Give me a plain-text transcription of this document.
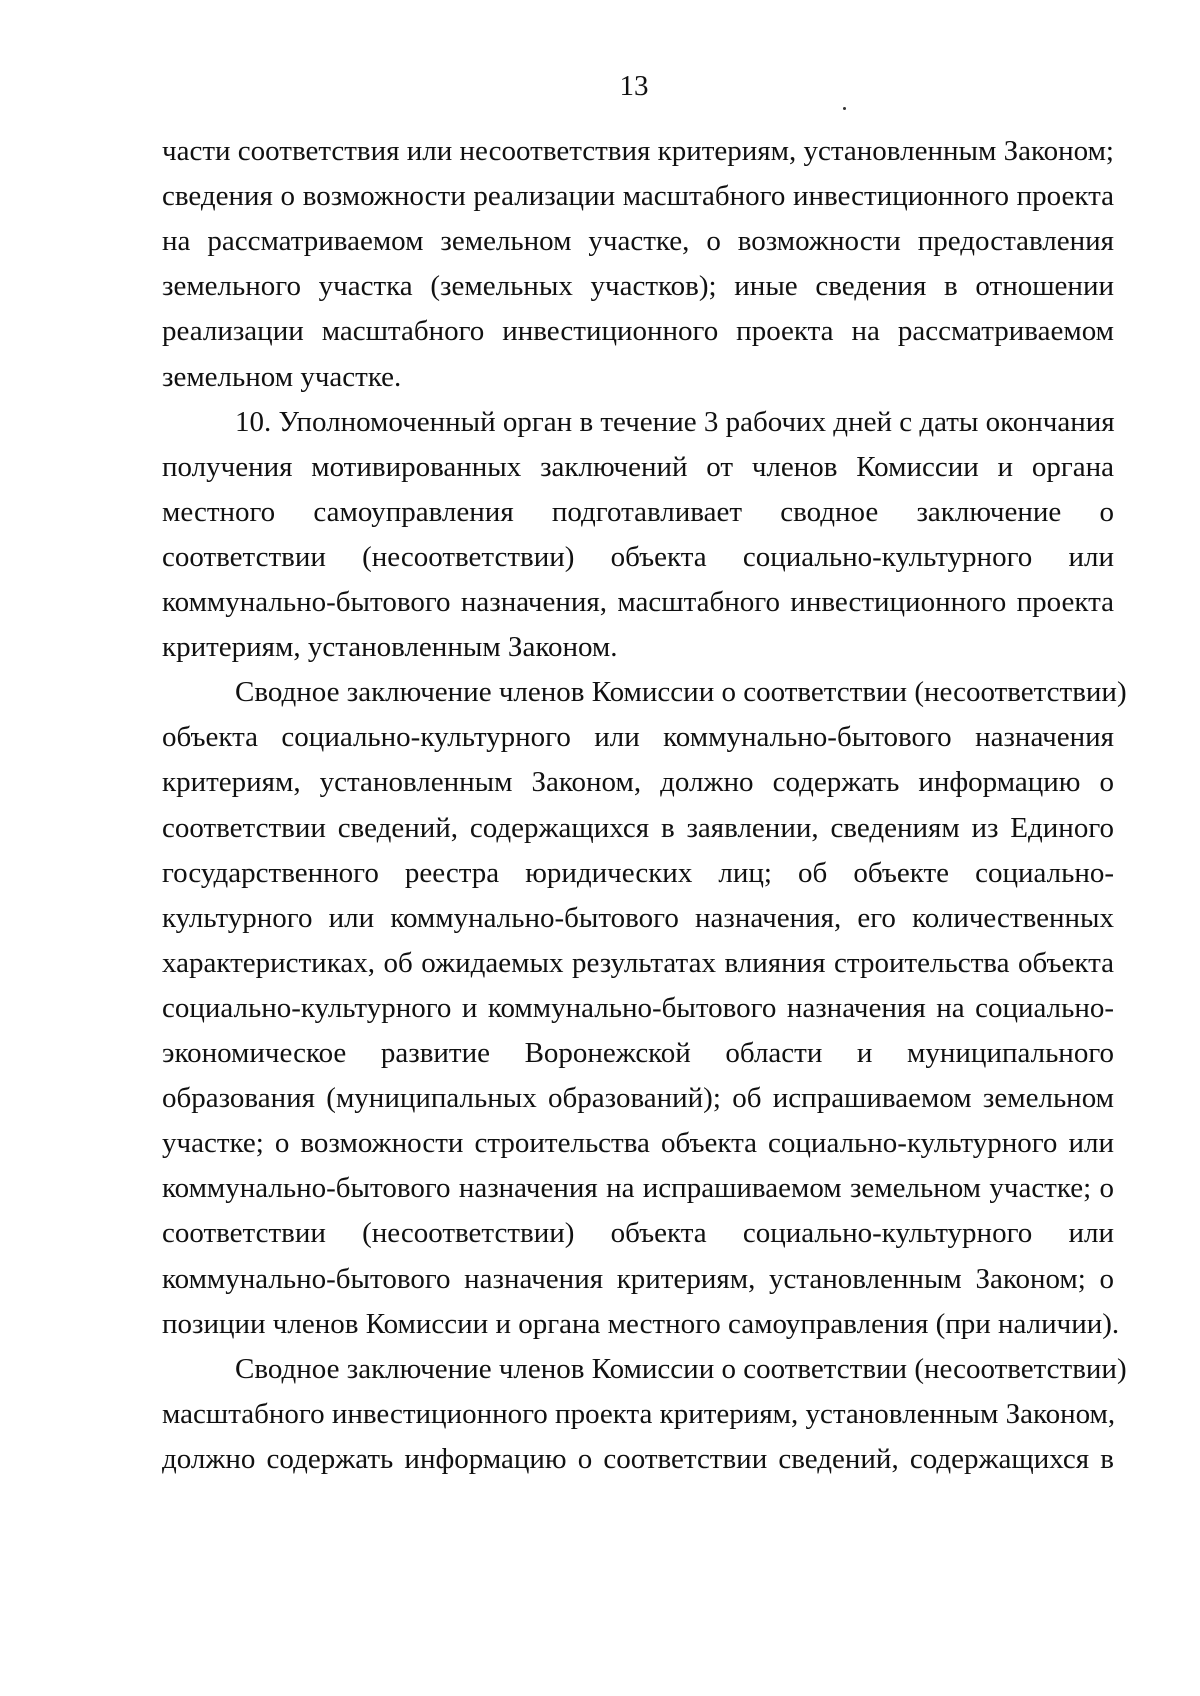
13
части соответствия или несоответствия критериям, установленным Законом;
сведения о возможности реализации масштабного инвестиционного проекта
на рассматриваемом земельном участке, о возможности предоставления
земельного участка (земельных участков); иные сведения в отношении
реализации масштабного инвестиционного проекта на рассматриваемом
земельном участке.
10. Уполномоченный орган в течение 3 рабочих дней с даты окончания
получения мотивированных заключений от членов Комиссии и органа
местного самоуправления подготавливает сводное заключение о
соответствии (несоответствии) объекта социально-культурного или
коммунально-бытового назначения, масштабного инвестиционного проекта
критериям, установленным Законом.
Сводное заключение членов Комиссии о соответствии (несоответствии)
объекта социально-культурного или коммунально-бытового назначения
критериям, установленным Законом, должно содержать информацию о
соответствии сведений, содержащихся в заявлении, сведениям из Единого
государственного реестра юридических лиц; об объекте социально-
культурного или коммунально-бытового назначения, его количественных
характеристиках, об ожидаемых результатах влияния строительства объекта
социально-культурного и коммунально-бытового назначения на социально-
экономическое развитие Воронежской области и муниципального
образования (муниципальных образований); об испрашиваемом земельном
участке; о возможности строительства объекта социально-культурного или
коммунально-бытового назначения на испрашиваемом земельном участке; о
соответствии (несоответствии) объекта социально-культурного или
коммунально-бытового назначения критериям, установленным Законом; о
позиции членов Комиссии и органа местного самоуправления (при наличии).
Сводное заключение членов Комиссии о соответствии (несоответствии)
масштабного инвестиционного проекта критериям, установленным Законом,
должно содержать информацию о соответствии сведений, содержащихся в
